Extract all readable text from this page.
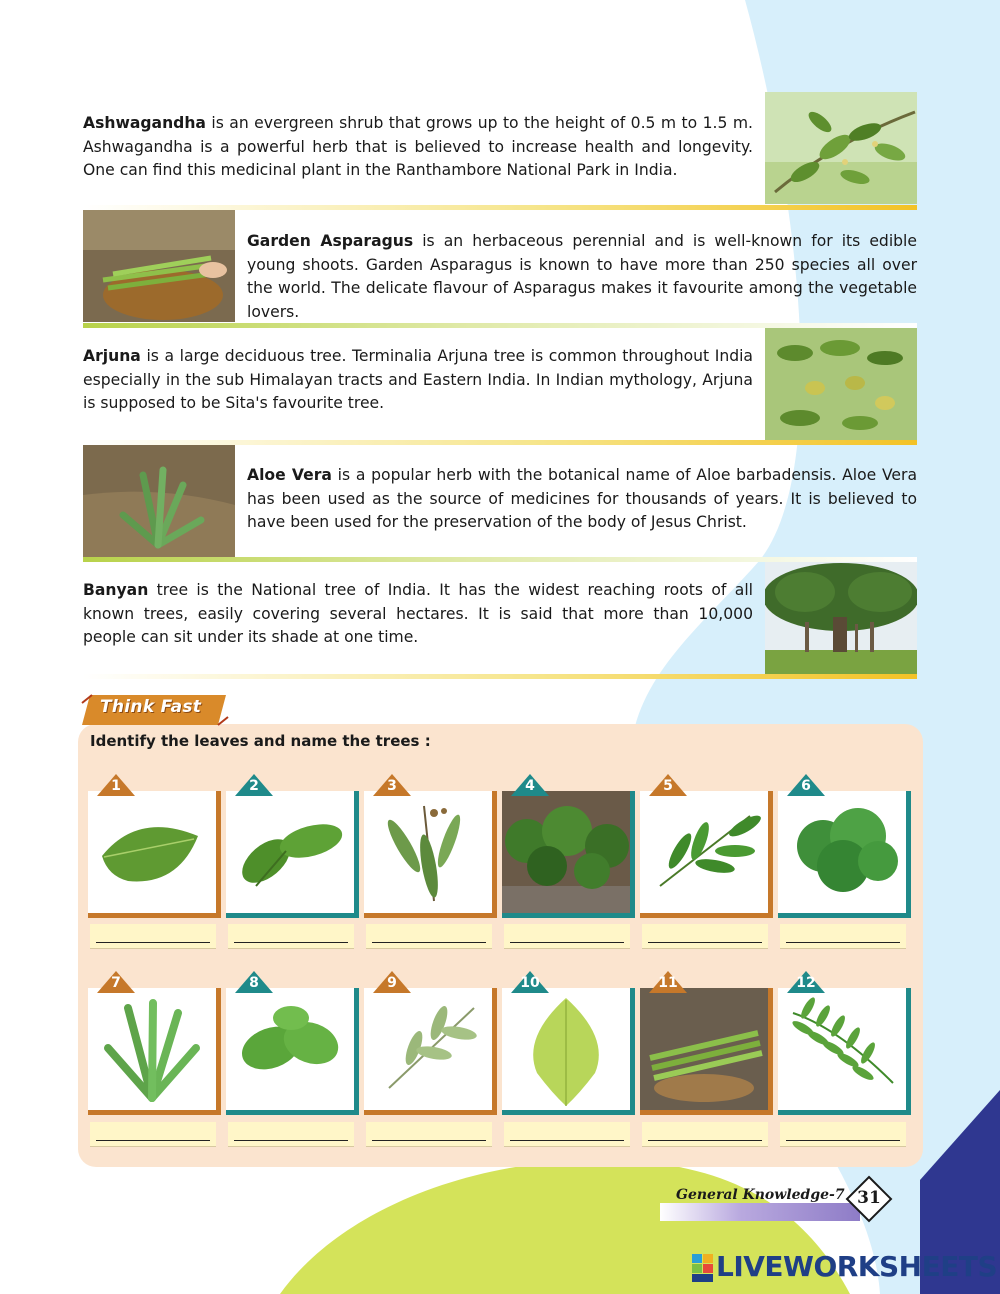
Ashwagandha is an evergreen shrub that grows up to the height of 0.5 m to 1.5 m. Ashwagandha is a powerful herb that is believed to increase health and longevity. One can find this medicinal plant in the Ranthambore National Park in India.
Garden Asparagus is an herbaceous perennial and is well-known for its edible young shoots. Garden Asparagus is known to have more than 250 species all over the world. The delicate flavour of Asparagus makes it favourite among the vegetable lovers.
Arjuna is a large deciduous tree. Terminalia Arjuna tree is common throughout India especially in the sub Himalayan tracts and Eastern India. In Indian mythology, Arjuna is supposed to be Sita's favourite tree.
Aloe Vera is a popular herb with the botanical name of Aloe barbadensis. Aloe Vera has been used as the source of medicines for thousands of years. It is believed to have been used for the preservation of the body of Jesus Christ.
Banyan tree is the National tree of India. It has the widest reaching roots of all known trees, easily covering several hectares. It is said that more than 10,000 people can sit under its shade at one time.
Think Fast
Identify the leaves and name the trees :
1	2	3	4	5	6
7	8	9	10	11	12
General Knowledge-7 31
LIVEWORKSHEETS
